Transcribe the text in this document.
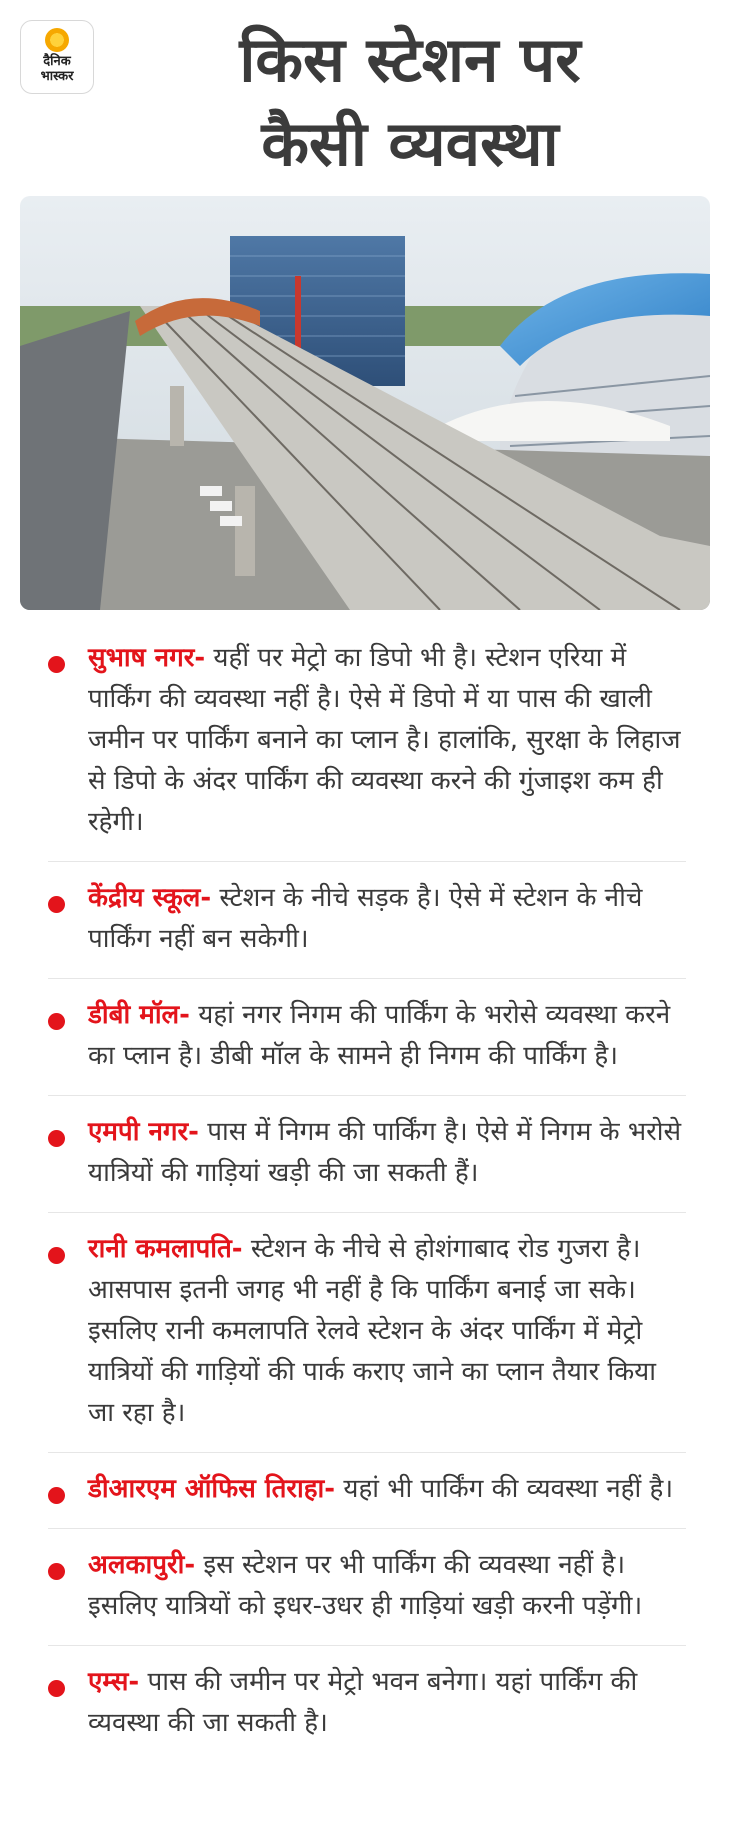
दैनिक
भास्कर	किस स्टेशन पर
कैसी व्यवस्था
सुभाष नगर- यहीं पर मेट्रो का डिपो भी है। स्टेशन एरिया में पार्किंग की व्यवस्था नहीं है। ऐसे में डिपो में या पास की खाली जमीन पर पार्किंग बनाने का प्लान है। हालांकि, सुरक्षा के लिहाज से डिपो के अंदर पार्किंग की व्यवस्था करने की गुंजाइश कम ही रहेगी।
केंद्रीय स्कूल- स्टेशन के नीचे सड़क है। ऐसे में स्टेशन के नीचे पार्किंग नहीं बन सकेगी।
डीबी मॉल- यहां नगर निगम की पार्किंग के भरोसे व्यवस्था करने का प्लान है। डीबी मॉल के सामने ही निगम की पार्किंग है।
एमपी नगर- पास में निगम की पार्किंग है। ऐसे में निगम के भरोसे यात्रियों की गाड़ियां खड़ी की जा सकती हैं।
रानी कमलापति- स्टेशन के नीचे से होशंगाबाद रोड गुजरा है। आसपास इतनी जगह भी नहीं है कि पार्किंग बनाई जा सके। इसलिए रानी कमलापति रेलवे स्टेशन के अंदर पार्किंग में मेट्रो यात्रियों की गाड़ियों की पार्क कराए जाने का प्लान तैयार किया जा रहा है।
डीआरएम ऑफिस तिराहा- यहां भी पार्किंग की व्यवस्था नहीं है।
अलकापुरी- इस स्टेशन पर भी पार्किंग की व्यवस्था नहीं है। इसलिए यात्रियों को इधर-उधर ही गाड़ियां खड़ी करनी पड़ेंगी।
एम्स- पास की जमीन पर मेट्रो भवन बनेगा। यहां पार्किंग की व्यवस्था की जा सकती है।
